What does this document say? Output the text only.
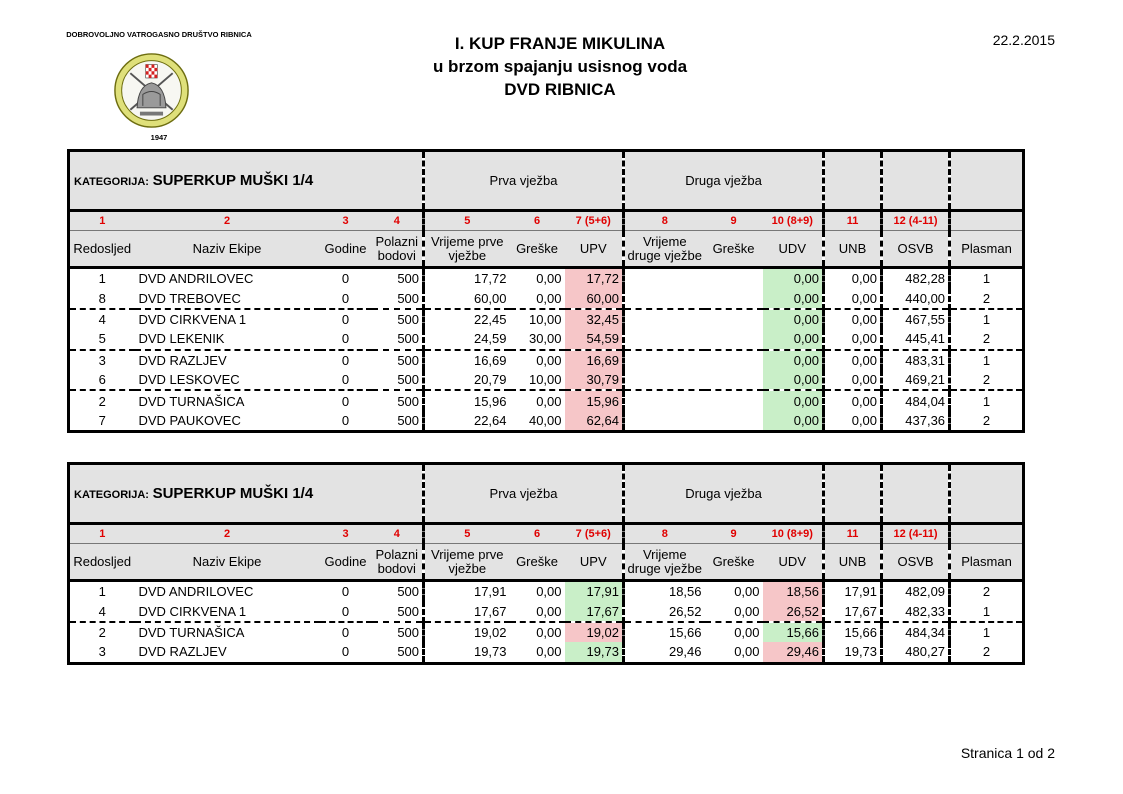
DOBROVOLJNO VATROGASNO DRUŠTVO RIBNICA
1947
I. KUP FRANJE MIKULINA
u brzom spajanju usisnog voda
DVD RIBNICA
22.2.2015
KATEGORIJA: SUPERKUP MUŠKI 1/4				Prva vježba			Druga vježba					
1	2	3	4	5	6	7 (5+6)	8	9	10 (8+9)	11	12 (4-11)	
Redosljed	Naziv Ekipe	Godine	Polazni bodovi	Vrijeme prve vježbe	Greške	UPV	Vrijeme druge vježbe	Greške	UDV	UNB	OSVB	Plasman
1	DVD ANDRILOVEC	0	500	17,72	0,00	17,72			0,00	0,00	482,28	1
8	DVD TREBOVEC	0	500	60,00	0,00	60,00			0,00	0,00	440,00	2
4	DVD CIRKVENA 1	0	500	22,45	10,00	32,45			0,00	0,00	467,55	1
5	DVD LEKENIK	0	500	24,59	30,00	54,59			0,00	0,00	445,41	2
3	DVD RAZLJEV	0	500	16,69	0,00	16,69			0,00	0,00	483,31	1
6	DVD LESKOVEC	0	500	20,79	10,00	30,79			0,00	0,00	469,21	2
2	DVD TURNAŠICA	0	500	15,96	0,00	15,96			0,00	0,00	484,04	1
7	DVD PAUKOVEC	0	500	22,64	40,00	62,64			0,00	0,00	437,36	2
KATEGORIJA: SUPERKUP MUŠKI 1/4				Prva vježba			Druga vježba					
1	2	3	4	5	6	7 (5+6)	8	9	10 (8+9)	11	12 (4-11)	
Redosljed	Naziv Ekipe	Godine	Polazni bodovi	Vrijeme prve vježbe	Greške	UPV	Vrijeme druge vježbe	Greške	UDV	UNB	OSVB	Plasman
1	DVD ANDRILOVEC	0	500	17,91	0,00	17,91	18,56	0,00	18,56	17,91	482,09	2
4	DVD CIRKVENA 1	0	500	17,67	0,00	17,67	26,52	0,00	26,52	17,67	482,33	1
2	DVD TURNAŠICA	0	500	19,02	0,00	19,02	15,66	0,00	15,66	15,66	484,34	1
3	DVD RAZLJEV	0	500	19,73	0,00	19,73	29,46	0,00	29,46	19,73	480,27	2
Stranica 1 od 2
